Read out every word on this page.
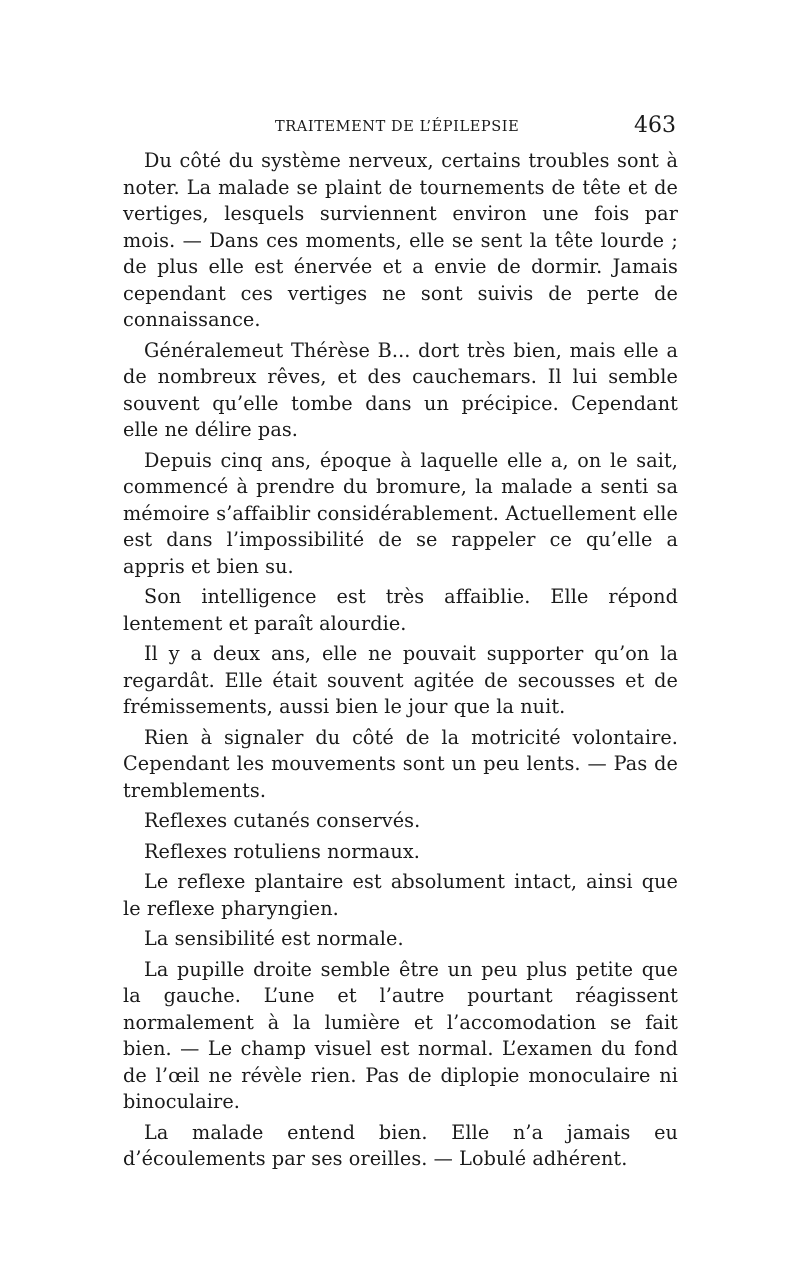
TRAITEMENT DE L’ÉPILEPSIE	463

Du côté du système nerveux, certains troubles sont à noter. La malade se plaint de tournements de tête et de vertiges, lesquels surviennent environ une fois par mois. — Dans ces moments, elle se sent la tête lourde ; de plus elle est énervée et a envie de dormir. Jamais cependant ces vertiges ne sont suivis de perte de connaissance.

Généralemeut Thérèse B... dort très bien, mais elle a de nombreux rêves, et des cauchemars. Il lui semble souvent qu’elle tombe dans un précipice. Cependant elle ne délire pas.

Depuis cinq ans, époque à laquelle elle a, on le sait, commencé à prendre du bromure, la malade a senti sa mémoire s’affaiblir considérablement. Actuellement elle est dans l’impossibilité de se rappeler ce qu’elle a appris et bien su.

Son intelligence est très affaiblie. Elle répond lentement et paraît alourdie.

Il y a deux ans, elle ne pouvait supporter qu’on la regardât. Elle était souvent agitée de secousses et de frémissements, aussi bien le jour que la nuit.

Rien à signaler du côté de la motricité volontaire. Cependant les mouvements sont un peu lents. — Pas de tremblements.

Reflexes cutanés conservés.

Reflexes rotuliens normaux.

Le reflexe plantaire est absolument intact, ainsi que le reflexe pharyngien.

La sensibilité est normale.

La pupille droite semble être un peu plus petite que la gauche. L’une et l’autre pourtant réagissent normalement à la lumière et l’accomodation se fait bien. — Le champ visuel est normal. L’examen du fond de l’œil ne révèle rien. Pas de diplopie monoculaire ni binoculaire.

La malade entend bien. Elle n’a jamais eu d’écoulements par ses oreilles. — Lobulé adhérent.
